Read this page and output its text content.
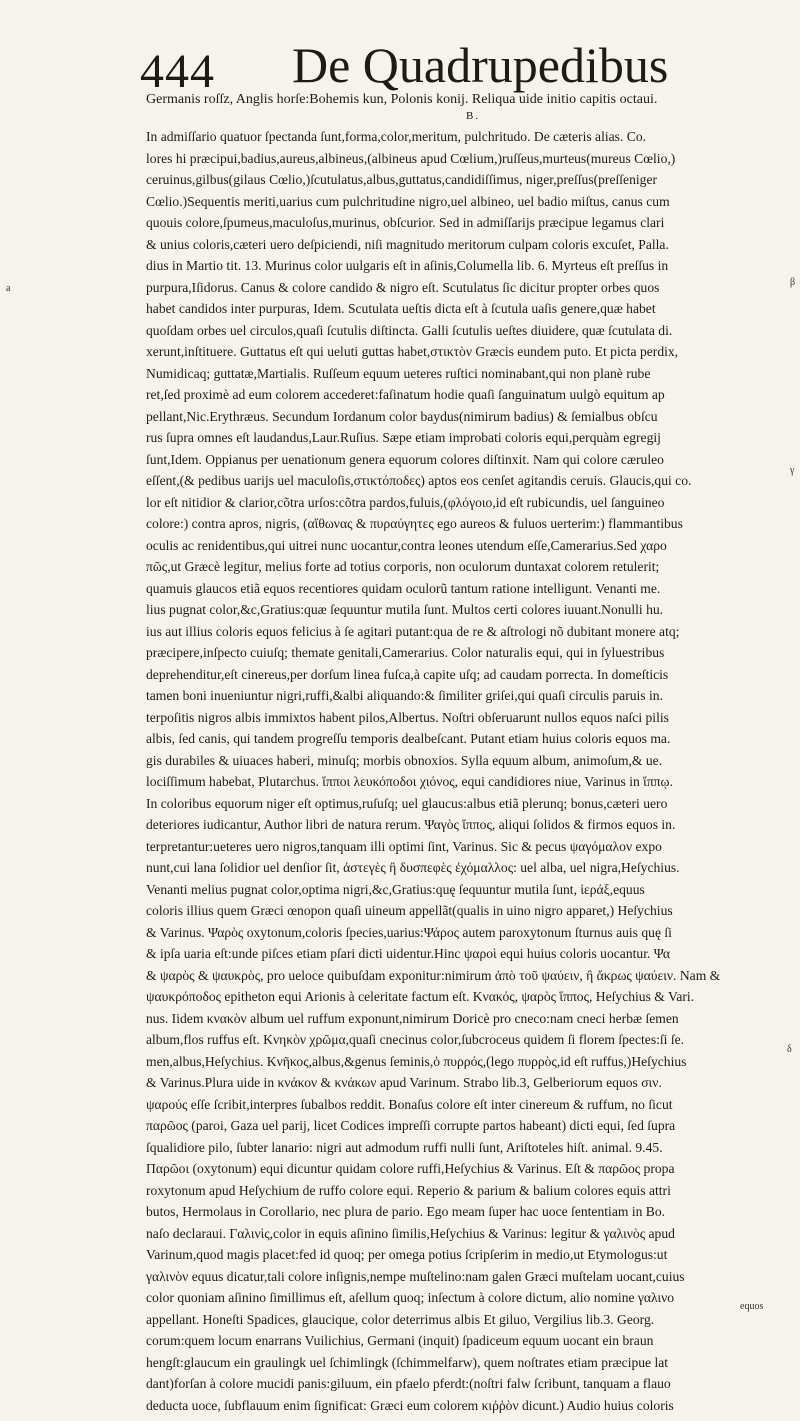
444 De Quadrupedibus
Germanis roſſz, Anglis horſe:Bohemis kun, Polonis konij. Reliqua uide initio capitis octaui.
B.
In admiſſario quatuor ſpectanda ſunt,forma,color,meritum, pulchritudo. De cæteris alias. Co.
lores hi præcipui,badius,aureus,albineus,(albineus apud Cœlium,)ruſſeus,murteus(mureus Cœlio,)
ceruinus,gilbus(gilaus Cœlio,)ſcutulatus,albus,guttatus,candidiſſimus, niger,preſſus(preſſeniger
Cœlio.)Sequentis meriti,uarius cum pulchritudine nigro,uel albineo, uel badio miſtus, canus cum
quouis colore,ſpumeus,maculoſus,murinus, obſcurior. Sed in admiſſarijs præcipue legamus clari
& unius coloris,cæteri uero deſpiciendi, niſi magnitudo meritorum culpam coloris excuſet, Palla.
dius in Martio tit. 13. Murinus color uulgaris eſt in aſinis,Columella lib. 6. Myrteus eſt preſſus in
purpura,Iſidorus. Canus & colore candido & nigro eſt. Scutulatus ſic dicitur propter orbes quos
habet candidos inter purpuras, Idem. Scutulata ueſtis dicta eſt à ſcutula uaſis genere,quæ habet
quoſdam orbes uel circulos,quaſi ſcutulis diſtincta. Galli ſcutulis ueſtes diuidere, quæ ſcutulata di.
xerunt,inſtituere. Guttatus eſt qui ueluti guttas habet,στικτὸν Græcis eundem puto. Et picta perdix,
Numidicaq; guttatæ,Martialis. Ruſſeum equum ueteres ruſtici nominabant,qui non planè rube
ret,ſed proximè ad eum colorem accederet:faſinatum hodie quaſi ſanguinatum uulgò equitum ap
pellant,Nic.Erythræus. Secundum Iordanum color baydus(nimirum badius) & ſemialbus obſcu
rus ſupra omnes eſt laudandus,Laur.Ruſius. Sæpe etiam improbati coloris equi,perquàm egregij
ſunt,Idem. Oppianus per uenationum genera equorum colores diſtinxit. Nam qui colore cæruleo
eſſent,(& pedibus uarijs uel maculoſis,στικτόποδες) aptos eos cenſet agitandis ceruis. Glaucis,qui co.
lor eſt nitidior & clarior,cõtra urſos:cõtra pardos,fuluis,(φλόγοιο,id eſt rubicundis, uel ſanguineo
colore:) contra apros, nigris, (αἴθωνας & πυραύγητες ego aureos & fuluos uerterim:) flammantibus
oculis ac renidentibus,qui uitrei nunc uocantur,contra leones utendum eſſe,Camerarius.Sed χαρο
πῶς,ut Græcè legitur, melius forte ad totius corporis, non oculorum duntaxat colorem retulerit;
quamuis glaucos etiã equos recentiores quidam oculorũ tantum ratione intelligunt. Venanti me.
lius pugnat color,&c,Gratius:quæ ſequuntur mutila ſunt. Multos certi colores iuuant.Nonulli hu.
ius aut illius coloris equos felicius à ſe agitari putant:qua de re & aſtrologi nõ dubitant monere atq;
præcipere,inſpecto cuiuſq; themate genitali,Camerarius. Color naturalis equi, qui in ſyluestribus
deprehenditur,eſt cinereus,per dorſum linea fuſca,à capite uſq; ad caudam porrecta. In domeſticis
tamen boni inueniuntur nigri,ruffi,&albi aliquando:& ſimiliter griſei,qui quaſi circulis paruis in.
terpoſitis nigros albis immixtos habent pilos,Albertus. Noſtri obſeruarunt nullos equos naſci pilis
albis, ſed canis, qui tandem progreſſu temporis dealbeſcant. Putant etiam huius coloris equos ma.
gis durabiles & uiuaces haberi, minuſq; morbis obnoxios. Sylla equum album, animoſum,& ue.
lociſſimum habebat, Plutarchus. ἵπποι λευκόποδοι χιόνος, equi candidiores niue, Varinus in ἵππῳ.
In coloribus equorum niger eſt optimus,ruſuſq; uel glaucus:albus etiã plerunq; bonus,cæteri uero
deteriores iudicantur, Author libri de natura rerum. Ψαγὸς ἵππος, aliqui ſolidos & firmos equos in.
terpretantur:ueteres uero nigros,tanquam illi optimi ſint, Varinus. Sic & pecus ψαγόμαλον expo
nunt,cui lana ſolidior uel denſior ſit, ἀστεγὲς ἢ δυσπεφὲς ἐχόμαλλος: uel alba, uel nigra,Heſychius.
Venanti melius pugnat color,optima nigri,&c,Gratius:quę ſequuntur mutila ſunt, ἱεράξ,equus
coloris illius quem Græci œnopon quaſi uineum appellãt(qualis in uino nigro apparet,) Heſychius
& Varinus. Ψαρὸς oxytonum,coloris ſpecies,uarius:Ψάρος autem paroxytonum ſturnus auis quę ſi
& ipſa uaria eſt:unde piſces etiam pſari dicti uidentur.Hinc ψαροὶ equi huius coloris uocantur. Ψα
& ψαρὸς & ψαυκρὸς, pro ueloce quibuſdam exponitur:nimirum ἀπὸ τοῦ ψαύειν, ἢ ἄκρως ψαύειν. Nam &
ψαυκρόποδος epitheton equi Arionis à celeritate factum eſt. Κνακός, ψαρὸς ἵππος, Heſychius & Vari.
nus. Iidem κνακὸν album uel ruffum exponunt,nimirum Doricè pro cneco:nam cneci herbæ ſemen
album,flos ruffus eſt. Κνηκὸν χρῶμα,quaſi cnecinus color,ſubcroceus quidem ſi florem ſpectes:ſi ſe.
men,albus,Heſychius. Κνῆκος,albus,&genus ſeminis,ὁ πυρρός,(lego πυρρὸς,id eſt ruffus,)Heſychius
& Varinus.Plura uide in κνάκον & κνάκων apud Varinum. Strabo lib.3, Gelberiorum equos σιν.
ψαρούς eſſe ſcribit,interpres ſubalbos reddit. Bonaſus colore eſt inter cinereum & ruffum, no ſicut
παρῶος (paroi, Gaza uel parij, licet Codices impreſſi corrupte partos habeant) dicti equi, ſed ſupra
ſqualidiore pilo, ſubter lanario: nigri aut admodum ruffi nulli ſunt, Ariſtoteles hiſt. animal. 9.45.
Παρῶοι (oxytonum) equi dicuntur quidam colore ruffi,Heſychius & Varinus. Eſt & παρῶος propa
roxytonum apud Heſychium de ruffo colore equi. Reperio & parium & balium colores equis attri
butos, Hermolaus in Corollario, nec plura de pario. Ego meam ſuper hac uoce ſententiam in Bo.
naſo declaraui. Γαλινὶς,color in equis aſinino ſimilis,Heſychius & Varinus: legitur & γαλινὸς apud
Varinum,quod magis placet:fed id quoq; per omega potius ſcripſerim in medio,ut Etymologus:ut
γαλινὸν equus dicatur,tali colore inſignis,nempe muſtelino:nam galen Græci muſtelam uocant,cuius
color quoniam aſinino ſimillimus eſt, aſellum quoq; inſectum à colore dictum, alio nomine γαλινο
appellant. Honeſti Spadices, glaucique, color deterrimus albis Et giluo, Vergilius lib.3. Georg.
corum:quem locum enarrans Vuilichius, Germani (inquit) ſpadiceum equum uocant ein braun
hengſt:glaucum ein graulingk uel ſchimlingk (ſchimmelfarw), quem noſtrates etiam præcipue lat
dant)forſan à colore mucidi panis:giluum, ein pfaelo pferdt:(noſtri falw ſcribunt, tanquam a flauo
deducta uoce, ſubflauum enim ſignificat: Græci eum colorem κιῤῥὸν dicunt.) Audio huius coloris
a
β
γ
δ
equos
